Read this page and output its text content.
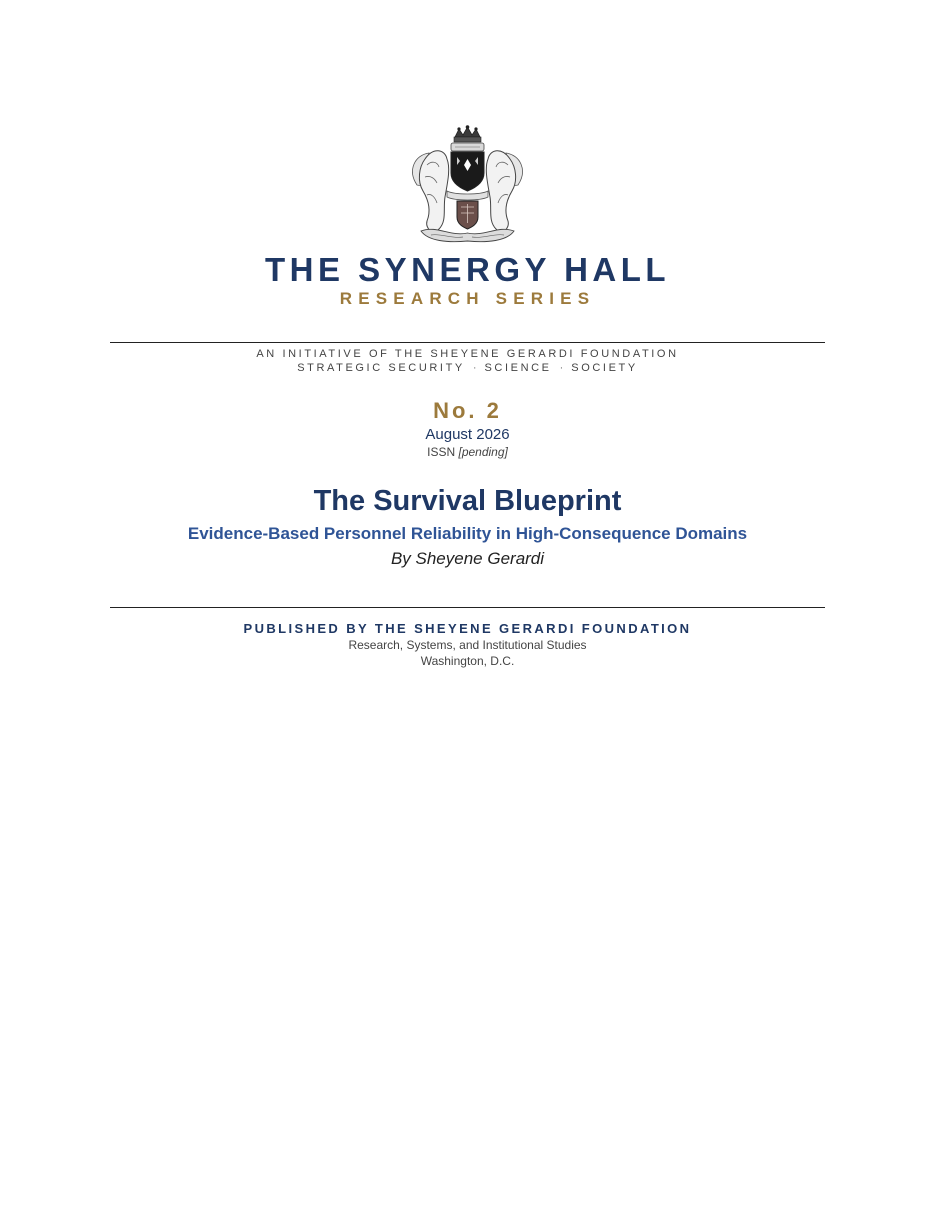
THE SYNERGY HALL
RESEARCH SERIES
AN INITIATIVE OF THE SHEYENE GERARDI FOUNDATION
STRATEGIC SECURITY · SCIENCE · SOCIETY
No. 2
August 2026
ISSN [pending]
The Survival Blueprint
Evidence-Based Personnel Reliability in High-Consequence Domains
By Sheyene Gerardi
PUBLISHED BY THE SHEYENE GERARDI FOUNDATION
Research, Systems, and Institutional Studies
Washington, D.C.
